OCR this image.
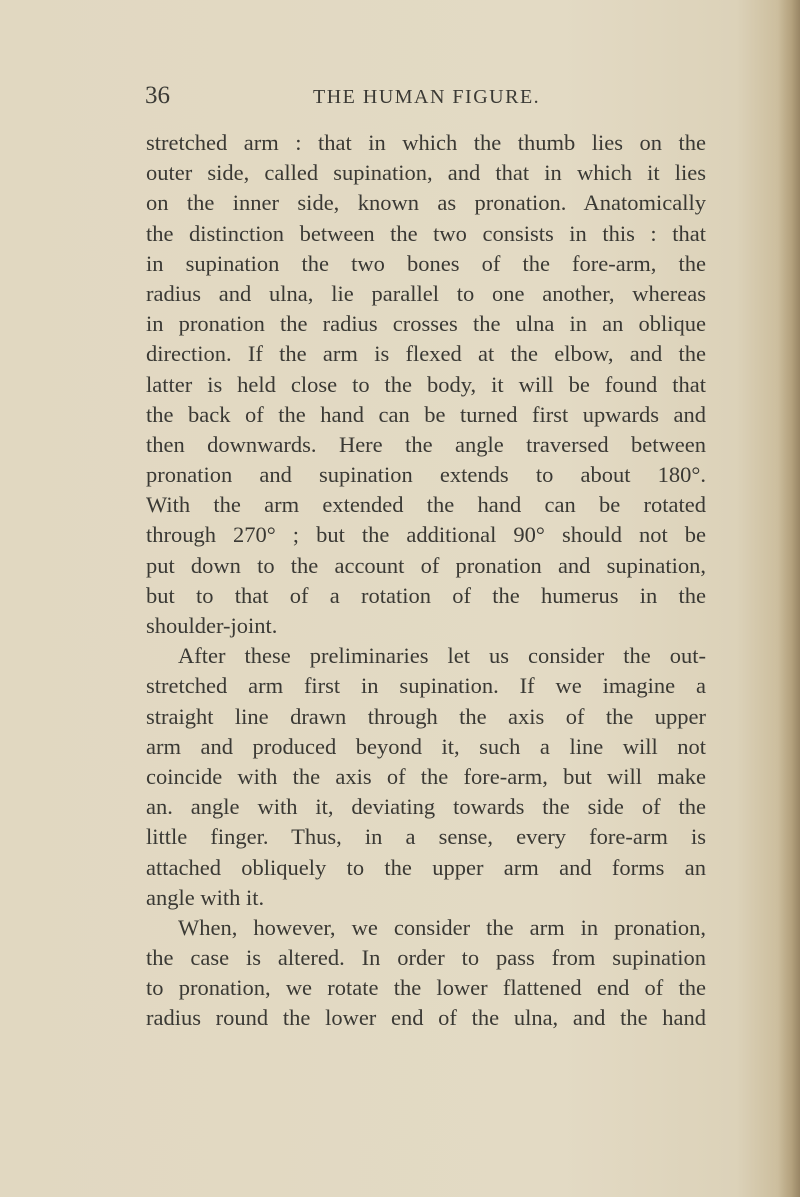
36	THE HUMAN FIGURE.
stretched arm : that in which the thumb lies on the
outer side, called supination, and that in which it lies
on the inner side, known as pronation. Anatomically
the distinction between the two consists in this : that
in supination the two bones of the fore-arm, the
radius and ulna, lie parallel to one another, whereas
in pronation the radius crosses the ulna in an oblique
direction. If the arm is flexed at the elbow, and the
latter is held close to the body, it will be found that
the back of the hand can be turned first upwards and
then downwards. Here the angle traversed between
pronation and supination extends to about 180°.
With the arm extended the hand can be rotated
through 270° ; but the additional 90° should not be
put down to the account of pronation and supination,
but to that of a rotation of the humerus in the
shoulder-joint.
After these preliminaries let us consider the out-
stretched arm first in supination. If we imagine a
straight line drawn through the axis of the upper
arm and produced beyond it, such a line will not
coincide with the axis of the fore-arm, but will make
an. angle with it, deviating towards the side of the
little finger. Thus, in a sense, every fore-arm is
attached obliquely to the upper arm and forms an
angle with it.
When, however, we consider the arm in pronation,
the case is altered. In order to pass from supination
to pronation, we rotate the lower flattened end of the
radius round the lower end of the ulna, and the hand
